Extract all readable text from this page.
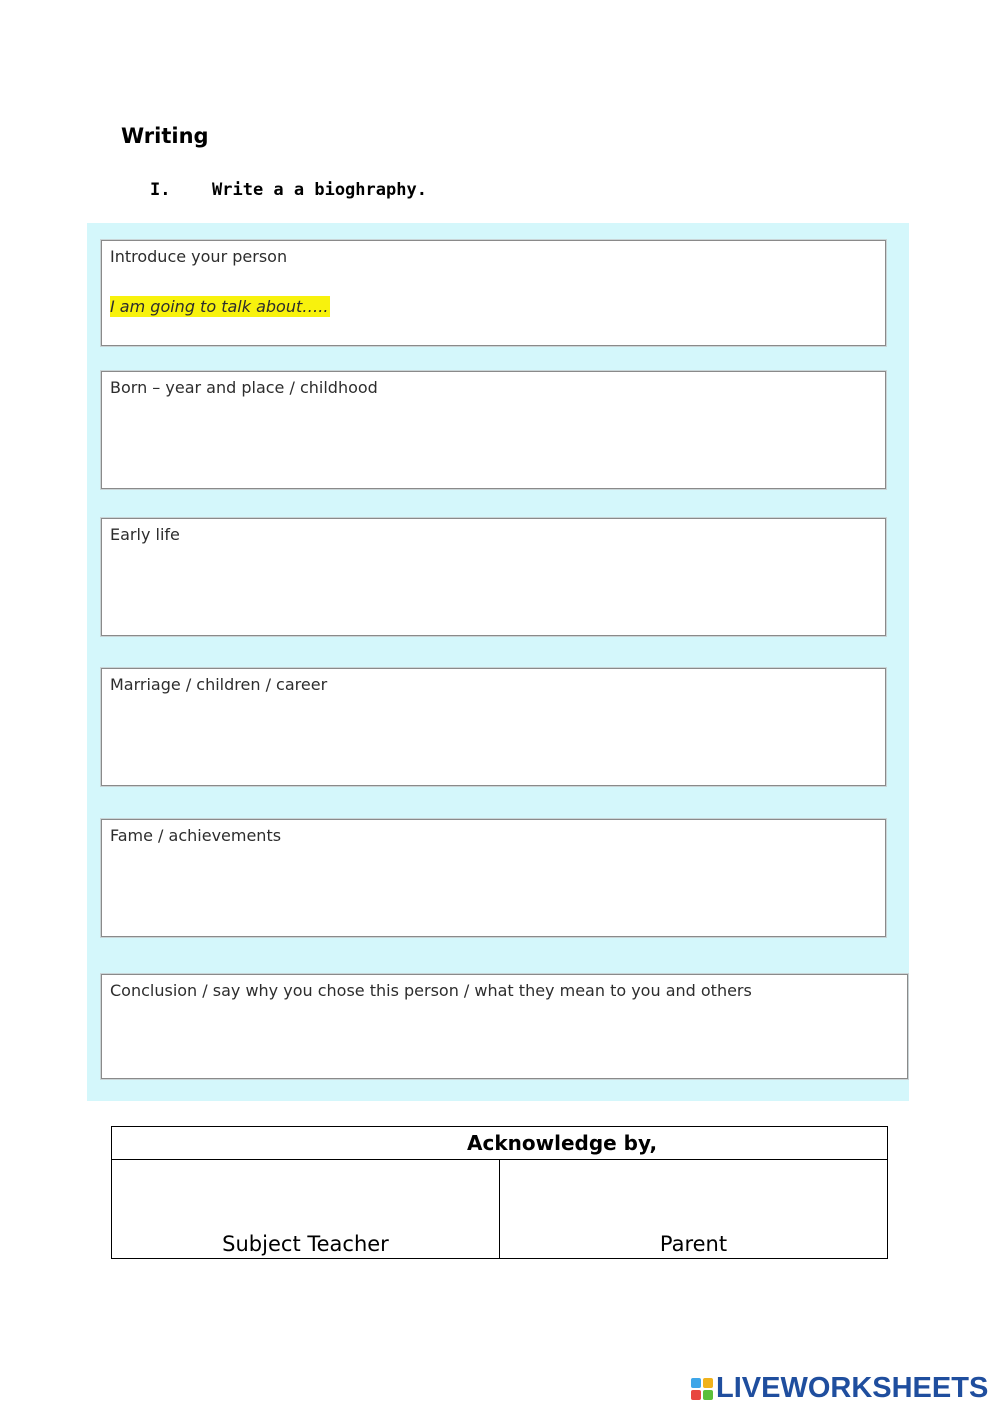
Writing
I.	Write a a bioghraphy.
Introduce your person
I am going to talk about…..
Born – year and place / childhood
Early life
Marriage / children / career
Fame / achievements
Conclusion / say why you chose this person / what they mean to you and others
Acknowledge by,
Subject Teacher	Parent
LIVEWORKSHEETS
